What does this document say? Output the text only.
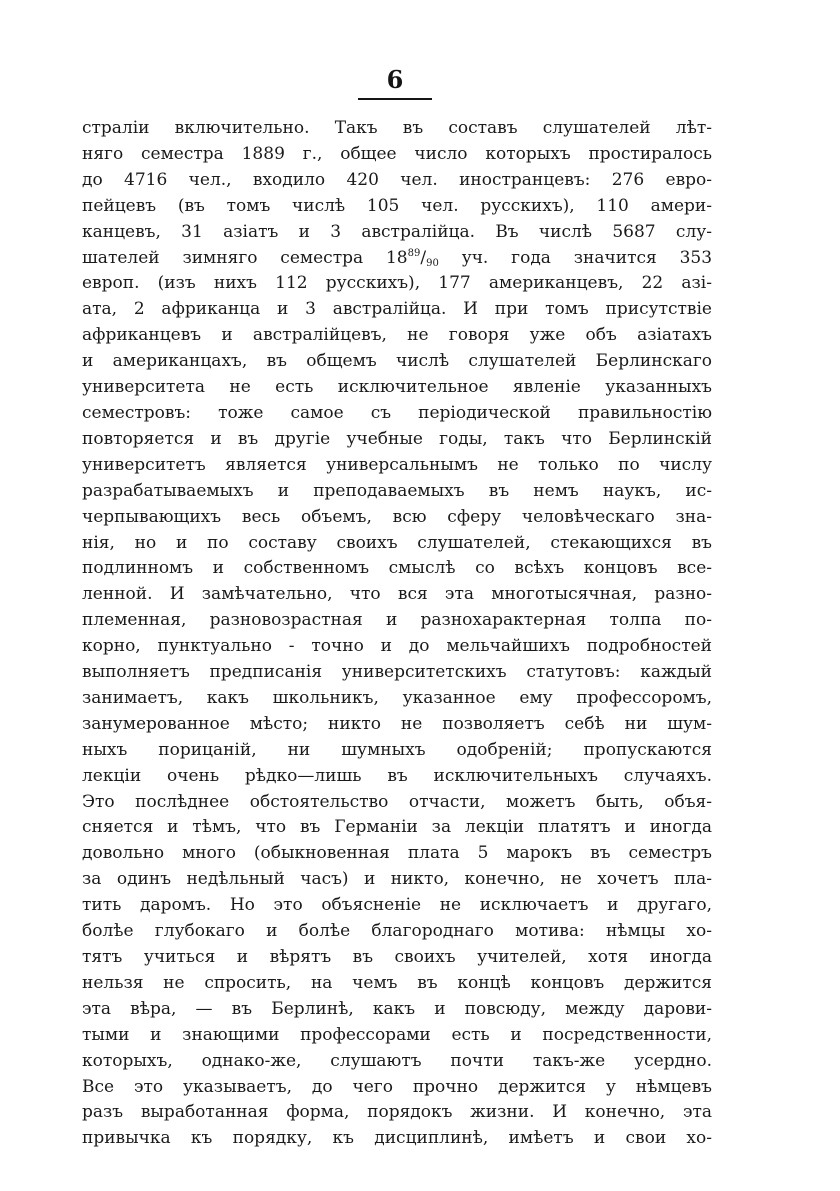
6
страліи включительно. Такъ въ составъ слушателей лѣт-
няго семестра 1889 г., общее число которыхъ простиралось
до 4716 чел., входило 420 чел. иностранцевъ: 276 евро-
пейцевъ (въ томъ числѣ 105 чел. русскихъ), 110 амери-
канцевъ, 31 азіатъ и 3 австралійца. Въ числѣ 5687 слу-
шателей зимняго семестра $18^{89}/_{90}$ уч. года значится 353
европ. (изъ нихъ 112 русскихъ), 177 американцевъ, 22 азі-
ата, 2 африканца и 3 австралійца. И при томъ присутствіе
африканцевъ и австралійцевъ, не говоря уже объ азіатахъ
и американцахъ, въ общемъ числѣ слушателей Берлинскаго
университета не есть исключительное явленіе указанныхъ
семестровъ: тоже самое съ періодической правильностію
повторяется и въ другіе учебные годы, такъ что Берлинскій
университетъ является универсальнымъ не только по числу
разрабатываемыхъ и преподаваемыхъ въ немъ наукъ, ис-
черпывающихъ весь объемъ, всю сферу человѣческаго зна-
нія, но и по составу своихъ слушателей, стекающихся въ
подлинномъ и собственномъ смыслѣ со всѣхъ концовъ все-
ленной. И замѣчательно, что вся эта многотысячная, разно-
племенная, разновозрастная и разнохарактерная толпа по-
корно, пунктуально - точно и до мельчайшихъ подробностей
выполняетъ предписанія университетскихъ статутовъ: каждый
занимаетъ, какъ школьникъ, указанное ему профессоромъ,
занумерованное мѣсто; никто не позволяетъ себѣ ни шум-
ныхъ порицаній, ни шумныхъ одобреній; пропускаются
лекціи очень рѣдко—лишь въ исключительныхъ случаяхъ.
Это послѣднее обстоятельство отчасти, можетъ быть, объя-
сняется и тѣмъ, что въ Германіи за лекціи платятъ и иногда
довольно много (обыкновенная плата 5 марокъ въ семестръ
за одинъ недѣльный часъ) и никто, конечно, не хочетъ пла-
тить даромъ. Но это объясненіе не исключаетъ и другаго,
болѣе глубокаго и болѣе благороднаго мотива: нѣмцы хо-
тятъ учиться и вѣрятъ въ своихъ учителей, хотя иногда
нельзя не спросить, на чемъ въ концѣ концовъ держится
эта вѣра, — въ Берлинѣ, какъ и повсюду, между дарови-
тыми и знающими профессорами есть и посредственности,
которыхъ, однако-же, слушаютъ почти такъ-же усердно.
Все это указываетъ, до чего прочно держится у нѣмцевъ
разъ выработанная форма, порядокъ жизни. И конечно, эта
привычка къ порядку, къ дисциплинѣ, имѣетъ и свои хо-
